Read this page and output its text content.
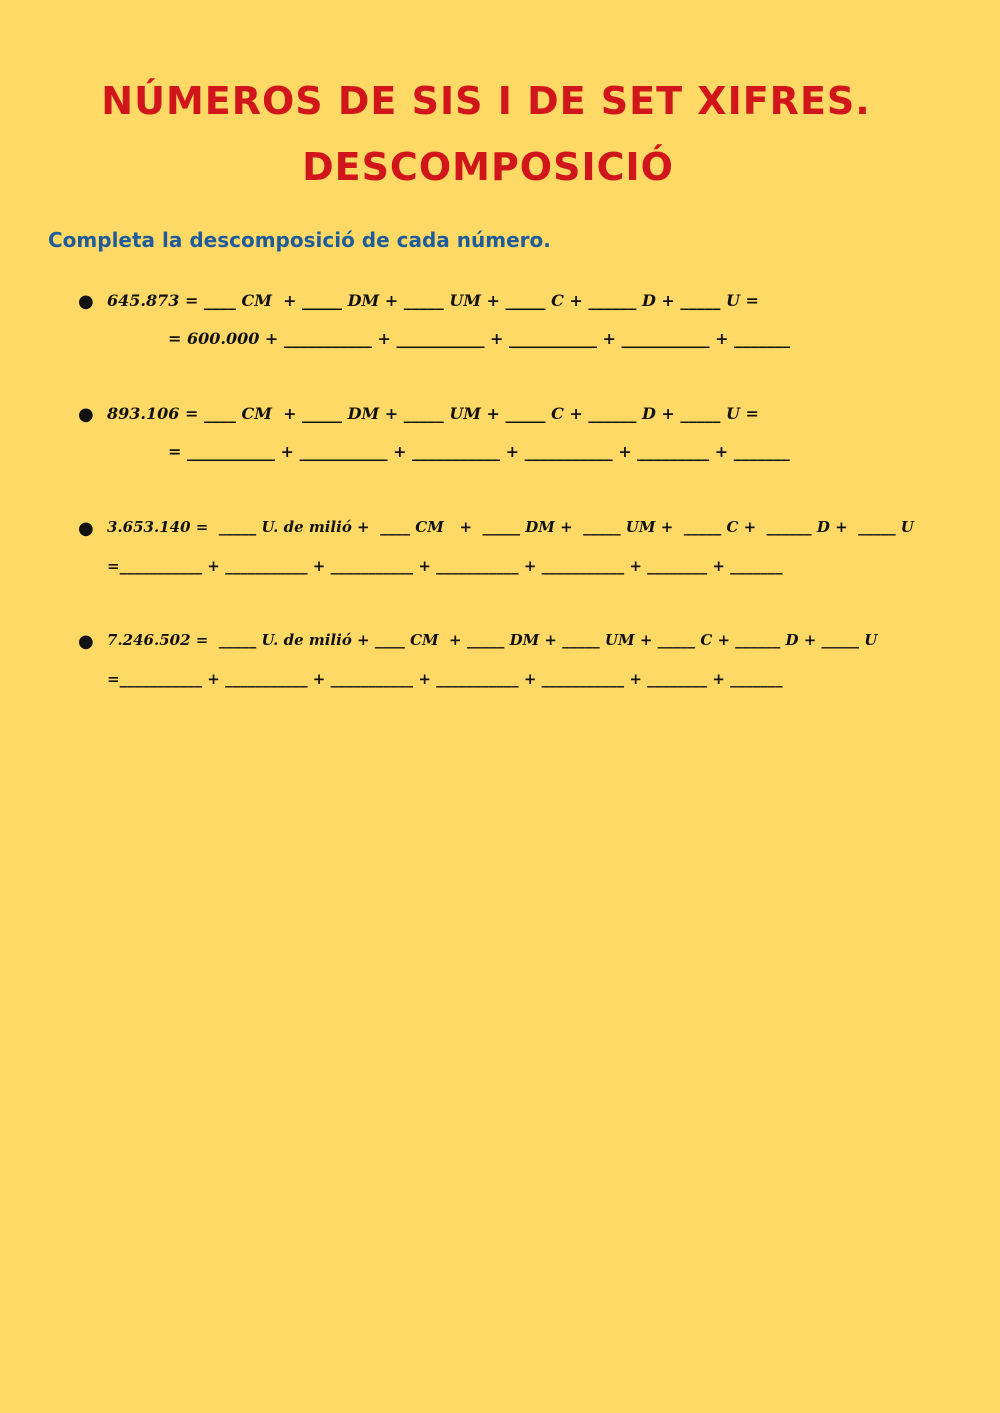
NÚMEROS DE SIS I DE SET XIFRES.
DESCOMPOSICIÓ
Completa la descomposició de cada número.
● 645.873 = ____ CM  + _____ DM + _____ UM + _____ C + ______ D + _____ U =
= 600.000 + ___________ + ___________ + ___________ + ___________ + _______
● 893.106 = ____ CM  + _____ DM + _____ UM + _____ C + ______ D + _____ U =
= ___________ + ___________ + ___________ + ___________ + _________ + _______
● 3.653.140 =  _____ U. de milió +  ____ CM   +  _____ DM +  _____ UM +  _____ C +  ______ D +  _____ U
=___________ + ___________ + ___________ + ___________ + ___________ + ________ + _______
● 7.246.502 =  _____ U. de milió + ____ CM  + _____ DM + _____ UM + _____ C + ______ D + _____ U
=___________ + ___________ + ___________ + ___________ + ___________ + ________ + _______
